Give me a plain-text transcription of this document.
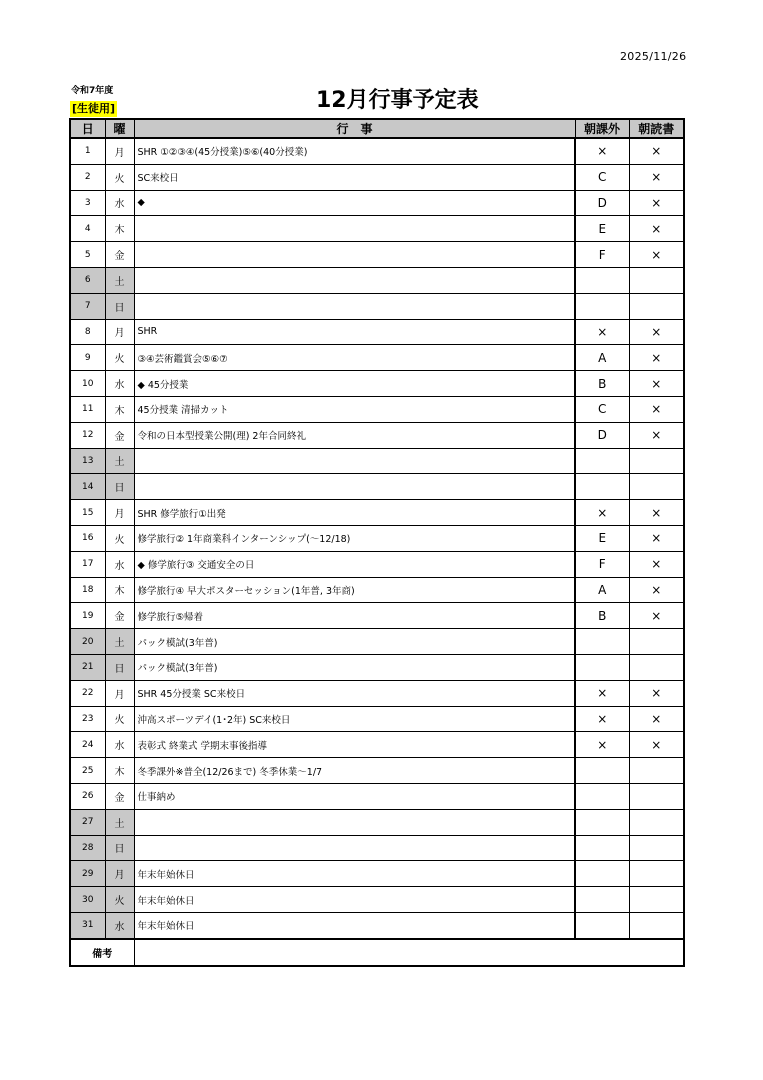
2025/11/26
令和7年度
[生徒用]	12月行事予定表
日	曜	行　事	朝課外	朝読書
1	月	SHR ①②③④(45分授業)⑤⑥(40分授業)	×	×
2	火	SC来校日	C	×
3	水	◆	D	×
4	木		E	×
5	金		F	×
6	土			
7	日			
8	月	SHR	×	×
9	火	③④芸術鑑賞会⑤⑥⑦	A	×
10	水	◆ 45分授業	B	×
11	木	45分授業 清掃カット	C	×
12	金	令和の日本型授業公開(理) 2年合同終礼	D	×
13	土			
14	日			
15	月	SHR 修学旅行①出発	×	×
16	火	修学旅行② 1年商業科インターンシップ(～12/18)	E	×
17	水	◆ 修学旅行③ 交通安全の日	F	×
18	木	修学旅行④ 早大ポスターセッション(1年普, 3年商)	A	×
19	金	修学旅行⑤帰着	B	×
20	土	パック模試(3年普)		
21	日	パック模試(3年普)		
22	月	SHR 45分授業 SC来校日	×	×
23	火	沖高スポーツデイ(1･2年) SC来校日	×	×
24	水	表彰式 終業式 学期末事後指導	×	×
25	木	冬季課外※普全(12/26まで) 冬季休業～1/7		
26	金	仕事納め		
27	土			
28	日			
29	月	年末年始休日		
30	火	年末年始休日		
31	水	年末年始休日		
備考				
